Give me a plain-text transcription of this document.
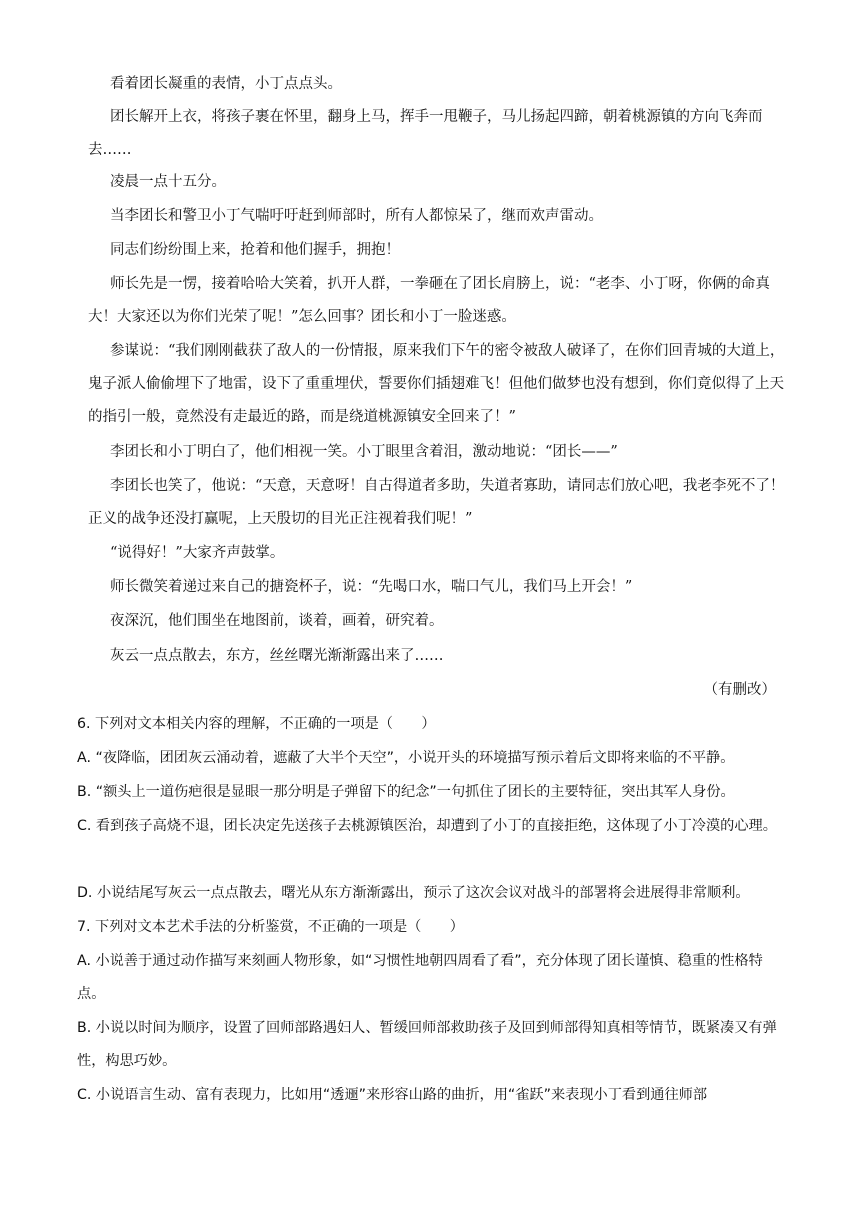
看着团长凝重的表情，小丁点点头。

团长解开上衣，将孩子裹在怀里，翻身上马，挥手一甩鞭子，马儿扬起四蹄，朝着桃源镇的方向飞奔而去……

凌晨一点十五分。

当李团长和警卫小丁气喘吁吁赶到师部时，所有人都惊呆了，继而欢声雷动。

同志们纷纷围上来，抢着和他们握手，拥抱！

师长先是一愣，接着哈哈大笑着，扒开人群，一拳砸在了团长肩膀上，说：“老李、小丁呀，你俩的命真大！大家还以为你们光荣了呢！”怎么回事？团长和小丁一脸迷惑。

参谋说：“我们刚刚截获了敌人的一份情报，原来我们下午的密令被敌人破译了，在你们回青城的大道上，鬼子派人偷偷埋下了地雷，设下了重重埋伏，誓要你们插翅难飞！但他们做梦也没有想到，你们竟似得了上天的指引一般，竟然没有走最近的路，而是绕道桃源镇安全回来了！”

李团长和小丁明白了，他们相视一笑。小丁眼里含着泪，激动地说：“团长——”

李团长也笑了，他说：“天意，天意呀！自古得道者多助，失道者寡助，请同志们放心吧，我老李死不了！正义的战争还没打赢呢，上天殷切的目光正注视着我们呢！”

“说得好！”大家齐声鼓掌。

师长微笑着递过来自己的搪瓷杯子，说：“先喝口水，喘口气儿，我们马上开会！”

夜深沉，他们围坐在地图前，谈着，画着，研究着。

灰云一点点散去，东方，丝丝曙光渐渐露出来了……

（有删改）

6. 下列对文本相关内容的理解，不正确的一项是（　　）

A. “夜降临，团团灰云涌动着，遮蔽了大半个天空”，小说开头的环境描写预示着后文即将来临的不平静。

B. “额头上一道伤疤很是显眼一那分明是子弹留下的纪念”一句抓住了团长的主要特征，突出其军人身份。

C. 看到孩子高烧不退，团长决定先送孩子去桃源镇医治，却遭到了小丁的直接拒绝，这体现了小丁冷漠的心理。

D. 小说结尾写灰云一点点散去，曙光从东方渐渐露出，预示了这次会议对战斗的部署将会进展得非常顺利。

7. 下列对文本艺术手法的分析鉴赏，不正确的一项是（　　）

A. 小说善于通过动作描写来刻画人物形象，如“习惯性地朝四周看了看”，充分体现了团长谨慎、稳重的性格特点。

B. 小说以时间为顺序，设置了回师部路遇妇人、暂缓回师部救助孩子及回到师部得知真相等情节，既紧凑又有弹性，构思巧妙。

C. 小说语言生动、富有表现力，比如用“透逦”来形容山路的曲折，用“雀跃”来表现小丁看到通往师部
